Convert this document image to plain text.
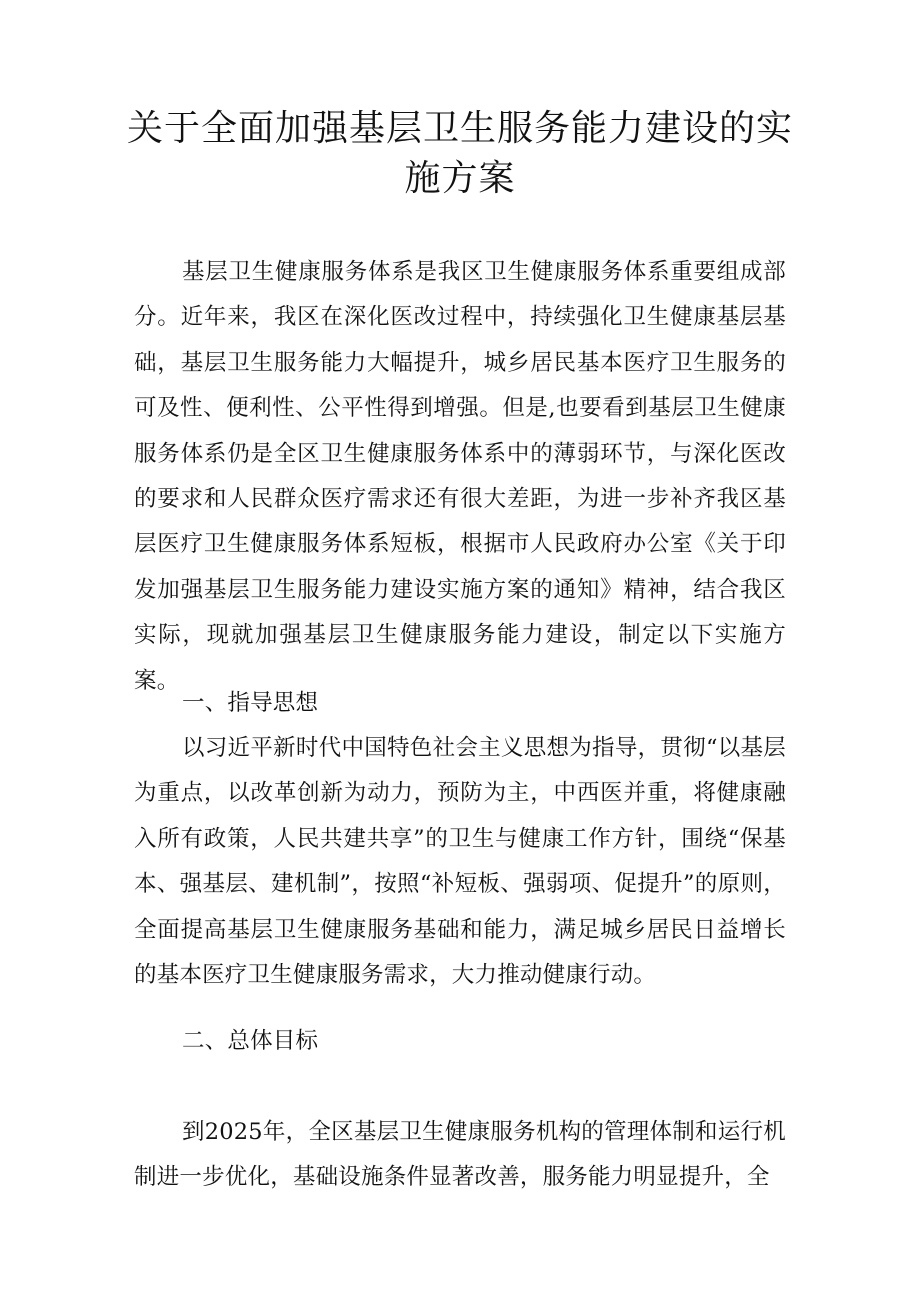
关于全面加强基层卫生服务能力建设的实施方案

基层卫生健康服务体系是我区卫生健康服务体系重要组成部分。近年来，我区在深化医改过程中，持续强化卫生健康基层基础，基层卫生服务能力大幅提升，城乡居民基本医疗卫生服务的可及性、便利性、公平性得到增强。但是,也要看到基层卫生健康服务体系仍是全区卫生健康服务体系中的薄弱环节，与深化医改的要求和人民群众医疗需求还有很大差距，为进一步补齐我区基层医疗卫生健康服务体系短板，根据市人民政府办公室《关于印发加强基层卫生服务能力建设实施方案的通知》精神，结合我区实际，现就加强基层卫生健康服务能力建设，制定以下实施方案。

一、指导思想

以习近平新时代中国特色社会主义思想为指导，贯彻“以基层为重点，以改革创新为动力，预防为主，中西医并重，将健康融入所有政策，人民共建共享”的卫生与健康工作方针，围绕“保基本、强基层、建机制”，按照“补短板、强弱项、促提升”的原则，全面提高基层卫生健康服务基础和能力，满足城乡居民日益增长的基本医疗卫生健康服务需求，大力推动健康行动。

二、总体目标

到2025年，全区基层卫生健康服务机构的管理体制和运行机制进一步优化，基础设施条件显著改善，服务能力明显提升，全
